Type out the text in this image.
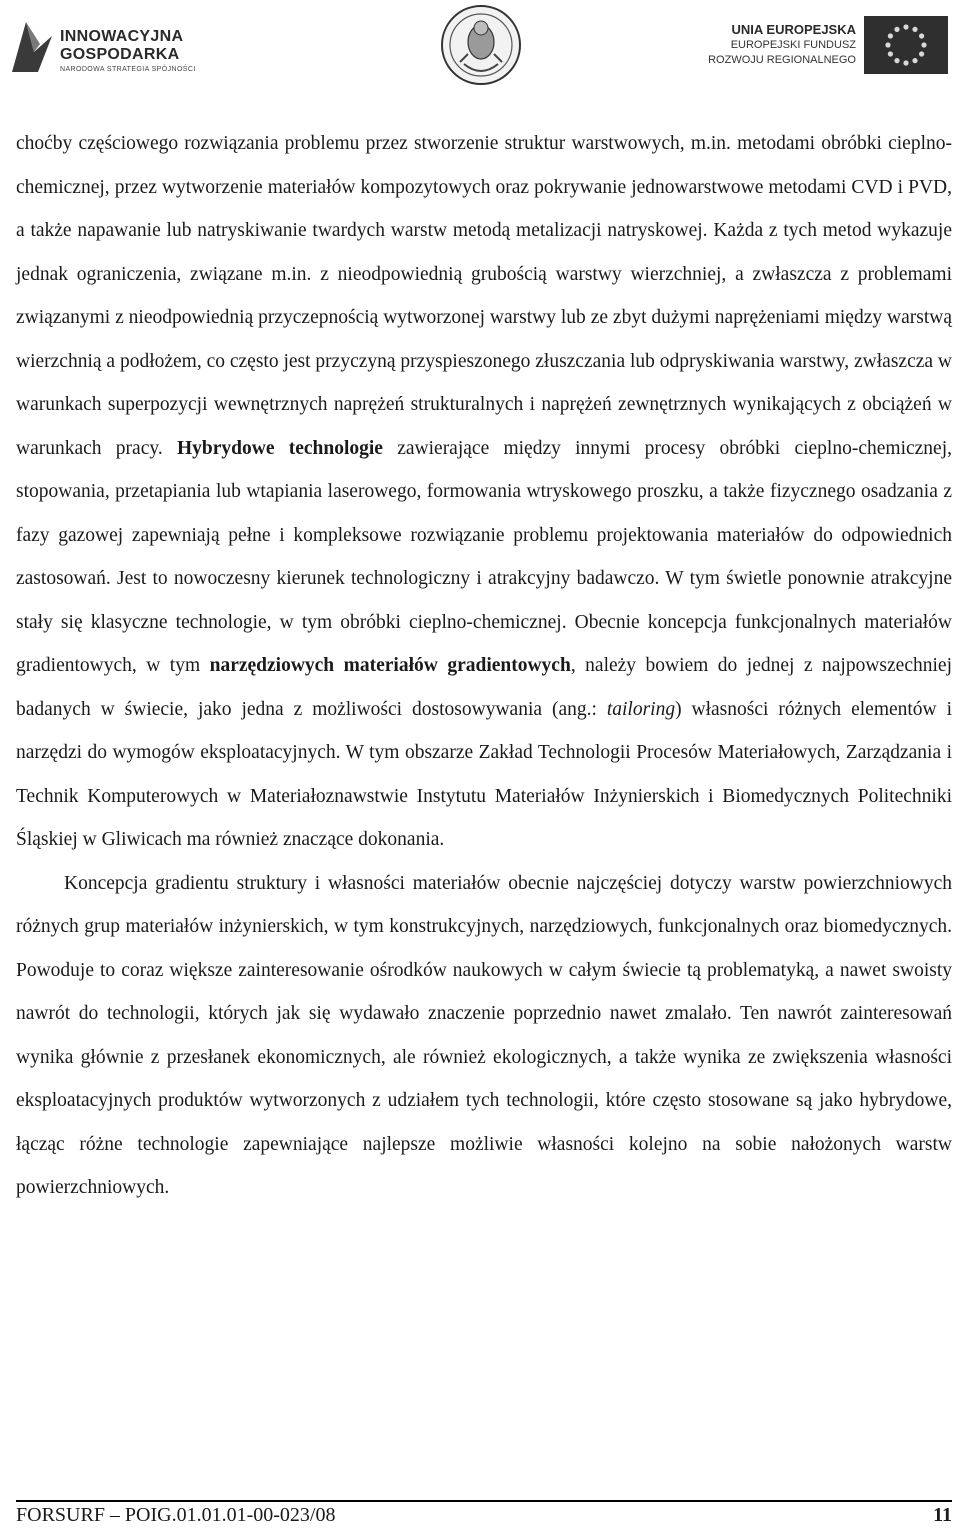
INNOWACYJNA
GOSPODARKA
NARODOWA STRATEGIA SPÓJNOŚCI
UNIA EUROPEJSKA
EUROPEJSKI FUNDUSZ
ROZWOJU REGIONALNEGO

choćby częściowego rozwiązania problemu przez stworzenie struktur warstwowych, m.in. metodami obróbki cieplno-chemicznej, przez wytworzenie materiałów kompozytowych oraz pokrywanie jednowarstwowe metodami CVD i PVD, a także napawanie lub natryskiwanie twardych warstw metodą metalizacji natryskowej. Każda z tych metod wykazuje jednak ograniczenia, związane m.in. z nieodpowiednią grubością warstwy wierzchniej, a zwłaszcza z problemami związanymi z nieodpowiednią przyczepnością wytworzonej warstwy lub ze zbyt dużymi naprężeniami między warstwą wierzchnią a podłożem, co często jest przyczyną przyspieszonego złuszczania lub odpryskiwania warstwy, zwłaszcza w warunkach superpozycji wewnętrznych naprężeń strukturalnych i naprężeń zewnętrznych wynikających z obciążeń w warunkach pracy. Hybrydowe technologie zawierające między innymi procesy obróbki cieplno-chemicznej, stopowania, przetapiania lub wtapiania laserowego, formowania wtryskowego proszku, a także fizycznego osadzania z fazy gazowej zapewniają pełne i kompleksowe rozwiązanie problemu projektowania materiałów do odpowiednich zastosowań. Jest to nowoczesny kierunek technologiczny i atrakcyjny badawczo. W tym świetle ponownie atrakcyjne stały się klasyczne technologie, w tym obróbki cieplno-chemicznej. Obecnie koncepcja funkcjonalnych materiałów gradientowych, w tym narzędziowych materiałów gradientowych, należy bowiem do jednej z najpowszechniej badanych w świecie, jako jedna z możliwości dostosowywania (ang.: tailoring) własności różnych elementów i narzędzi do wymogów eksploatacyjnych. W tym obszarze Zakład Technologii Procesów Materiałowych, Zarządzania i Technik Komputerowych w Materiałoznawstwie Instytutu Materiałów Inżynierskich i Biomedycznych Politechniki Śląskiej w Gliwicach ma również znaczące dokonania.

Koncepcja gradientu struktury i własności materiałów obecnie najczęściej dotyczy warstw powierzchniowych różnych grup materiałów inżynierskich, w tym konstrukcyjnych, narzędziowych, funkcjonalnych oraz biomedycznych. Powoduje to coraz większe zainteresowanie ośrodków naukowych w całym świecie tą problematyką, a nawet swoisty nawrót do technologii, których jak się wydawało znaczenie poprzednio nawet zmalało. Ten nawrót zainteresowań wynika głównie z przesłanek ekonomicznych, ale również ekologicznych, a także wynika ze zwiększenia własności eksploatacyjnych produktów wytworzonych z udziałem tych technologii, które często stosowane są jako hybrydowe, łącząc różne technologie zapewniające najlepsze możliwie własności kolejno na sobie nałożonych warstw powierzchniowych.

FORSURF – POIG.01.01.01-00-023/08	11
